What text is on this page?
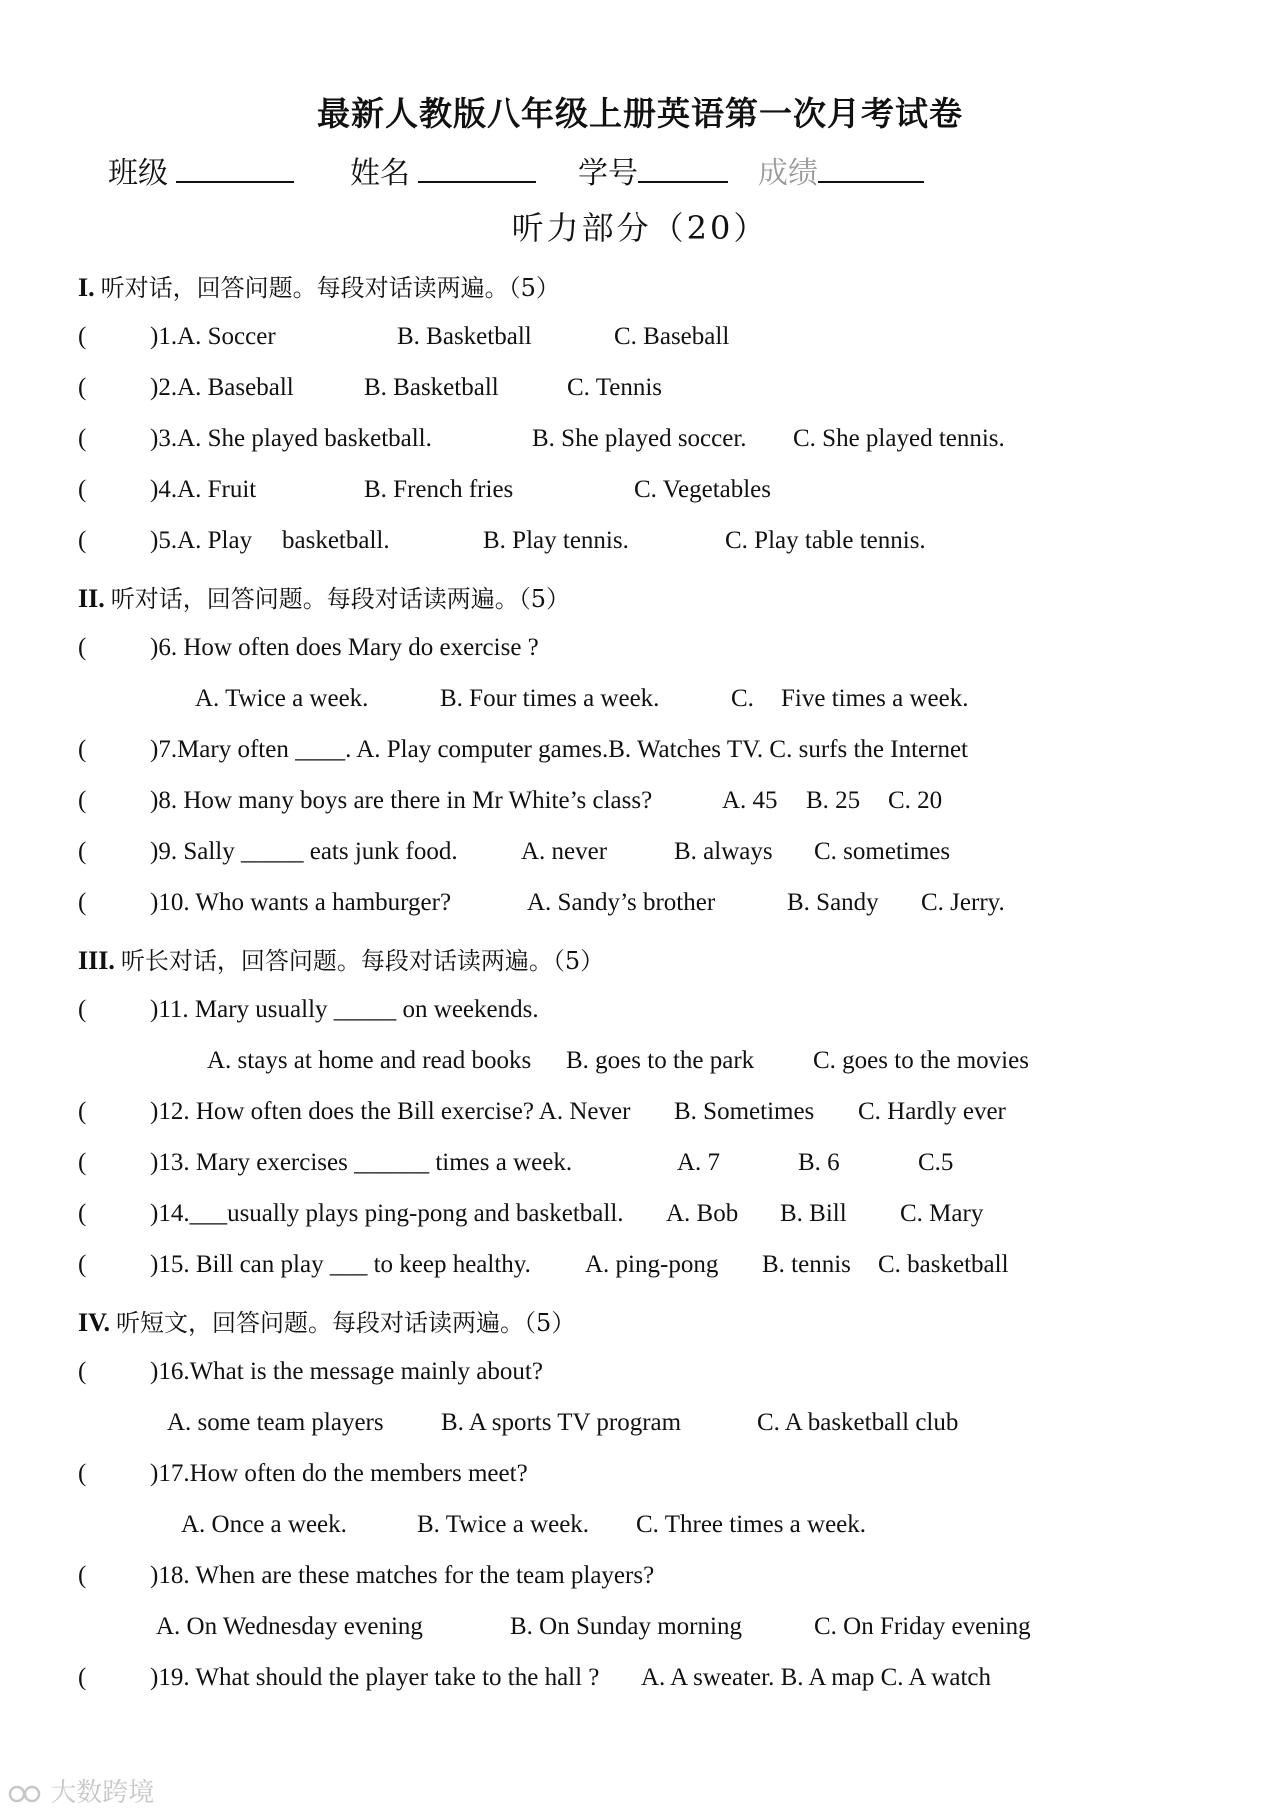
最新人教版八年级上册英语第一次月考试卷
班级	姓名	学号	成绩
听力部分（20）
I. 听对话，回答问题。每段对话读两遍。（5）
(	)1.A. Soccer	B. Basketball	C. Baseball
(	)2.A. Baseball	B. Basketball	C. Tennis
(	)3.A. She played basketball.	B. She played soccer. C. She played tennis.
(	)4.A. Fruit	B. French fries	C. Vegetables
(	)5.A. Play basketball.	B. Play tennis.	C. Play table tennis.
II. 听对话，回答问题。每段对话读两遍。（5）
(	)6. How often does Mary do exercise ?
A. Twice a week.	B. Four times a week.	C. Five times a week.
(	)7.Mary often ____. A. Play computer games.B. Watches TV. C. surfs the Internet
(	)8. How many boys are there in Mr White’s class?	A. 45 B. 25 C. 20
(	)9. Sally _____ eats junk food.	A. never	B. always C. sometimes
(	)10. Who wants a hamburger?	A. Sandy’s brother	B. Sandy C. Jerry.
III. 听长对话，回答问题。每段对话读两遍。（5）
(	)11. Mary usually _____ on weekends.
A. stays at home and read books B. goes to the park C. goes to the movies
(	)12. How often does the Bill exercise? A. Never B. Sometimes C. Hardly ever
(	)13. Mary exercises ______ times a week.	A. 7	B. 6	C.5
(	)14.___usually plays ping-pong and basketball. A. Bob B. Bill C. Mary
(	)15. Bill can play ___ to keep healthy. A. ping-pong B. tennis C. basketball
IV. 听短文，回答问题。每段对话读两遍。（5）
(	)16.What is the message mainly about?
A. some team players B. A sports TV program	C. A basketball club
(	)17.How often do the members meet?
A. Once a week.	B. Twice a week. C. Three times a week.
(	)18. When are these matches for the team players?
A. On Wednesday evening	B. On Sunday morning	C. On Friday evening
(	)19. What should the player take to the hall ? A. A sweater. B. A map C. A watch
大数跨境
